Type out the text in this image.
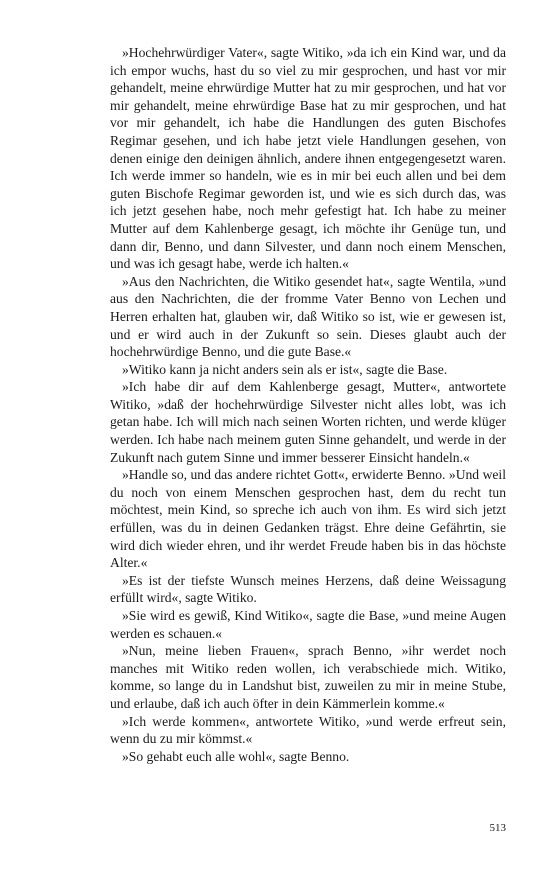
»Hochehrwürdiger Vater«, sagte Witiko, »da ich ein Kind war, und da ich empor wuchs, hast du so viel zu mir gesprochen, und hast vor mir gehandelt, meine ehrwürdige Mutter hat zu mir gesprochen, und hat vor mir gehandelt, meine ehrwürdige Base hat zu mir gesprochen, und hat vor mir gehandelt, ich habe die Handlungen des guten Bischofes Regimar gesehen, und ich habe jetzt viele Handlungen gesehen, von denen einige den deinigen ähnlich, andere ihnen entgegengesetzt waren. Ich werde immer so handeln, wie es in mir bei euch allen und bei dem guten Bischofe Regimar geworden ist, und wie es sich durch das, was ich jetzt gesehen habe, noch mehr gefestigt hat. Ich habe zu meiner Mutter auf dem Kahlenberge gesagt, ich möchte ihr Genüge tun, und dann dir, Benno, und dann Silvester, und dann noch einem Menschen, und was ich gesagt habe, werde ich halten.«

»Aus den Nachrichten, die Witiko gesendet hat«, sagte Wentila, »und aus den Nachrichten, die der fromme Vater Benno von Lechen und Herren erhalten hat, glauben wir, daß Witiko so ist, wie er gewesen ist, und er wird auch in der Zukunft so sein. Dieses glaubt auch der hochehrwürdige Benno, und die gute Base.«

»Witiko kann ja nicht anders sein als er ist«, sagte die Base.

»Ich habe dir auf dem Kahlenberge gesagt, Mutter«, antwortete Witiko, »daß der hochehrwürdige Silvester nicht alles lobt, was ich getan habe. Ich will mich nach seinen Worten richten, und werde klüger werden. Ich habe nach meinem guten Sinne gehandelt, und werde in der Zukunft nach gutem Sinne und immer besserer Einsicht handeln.«

»Handle so, und das andere richtet Gott«, erwiderte Benno. »Und weil du noch von einem Menschen gesprochen hast, dem du recht tun möchtest, mein Kind, so spreche ich auch von ihm. Es wird sich jetzt erfüllen, was du in deinen Gedanken trägst. Ehre deine Gefährtin, sie wird dich wieder ehren, und ihr werdet Freude haben bis in das höchste Alter.«

»Es ist der tiefste Wunsch meines Herzens, daß deine Weissagung erfüllt wird«, sagte Witiko.

»Sie wird es gewiß, Kind Witiko«, sagte die Base, »und meine Augen werden es schauen.«

»Nun, meine lieben Frauen«, sprach Benno, »ihr werdet noch manches mit Witiko reden wollen, ich verabschiede mich. Witiko, komme, so lange du in Landshut bist, zuweilen zu mir in meine Stube, und erlaube, daß ich auch öfter in dein Kämmerlein komme.«

»Ich werde kommen«, antwortete Witiko, »und werde erfreut sein, wenn du zu mir kömmst.«

»So gehabt euch alle wohl«, sagte Benno.

513
